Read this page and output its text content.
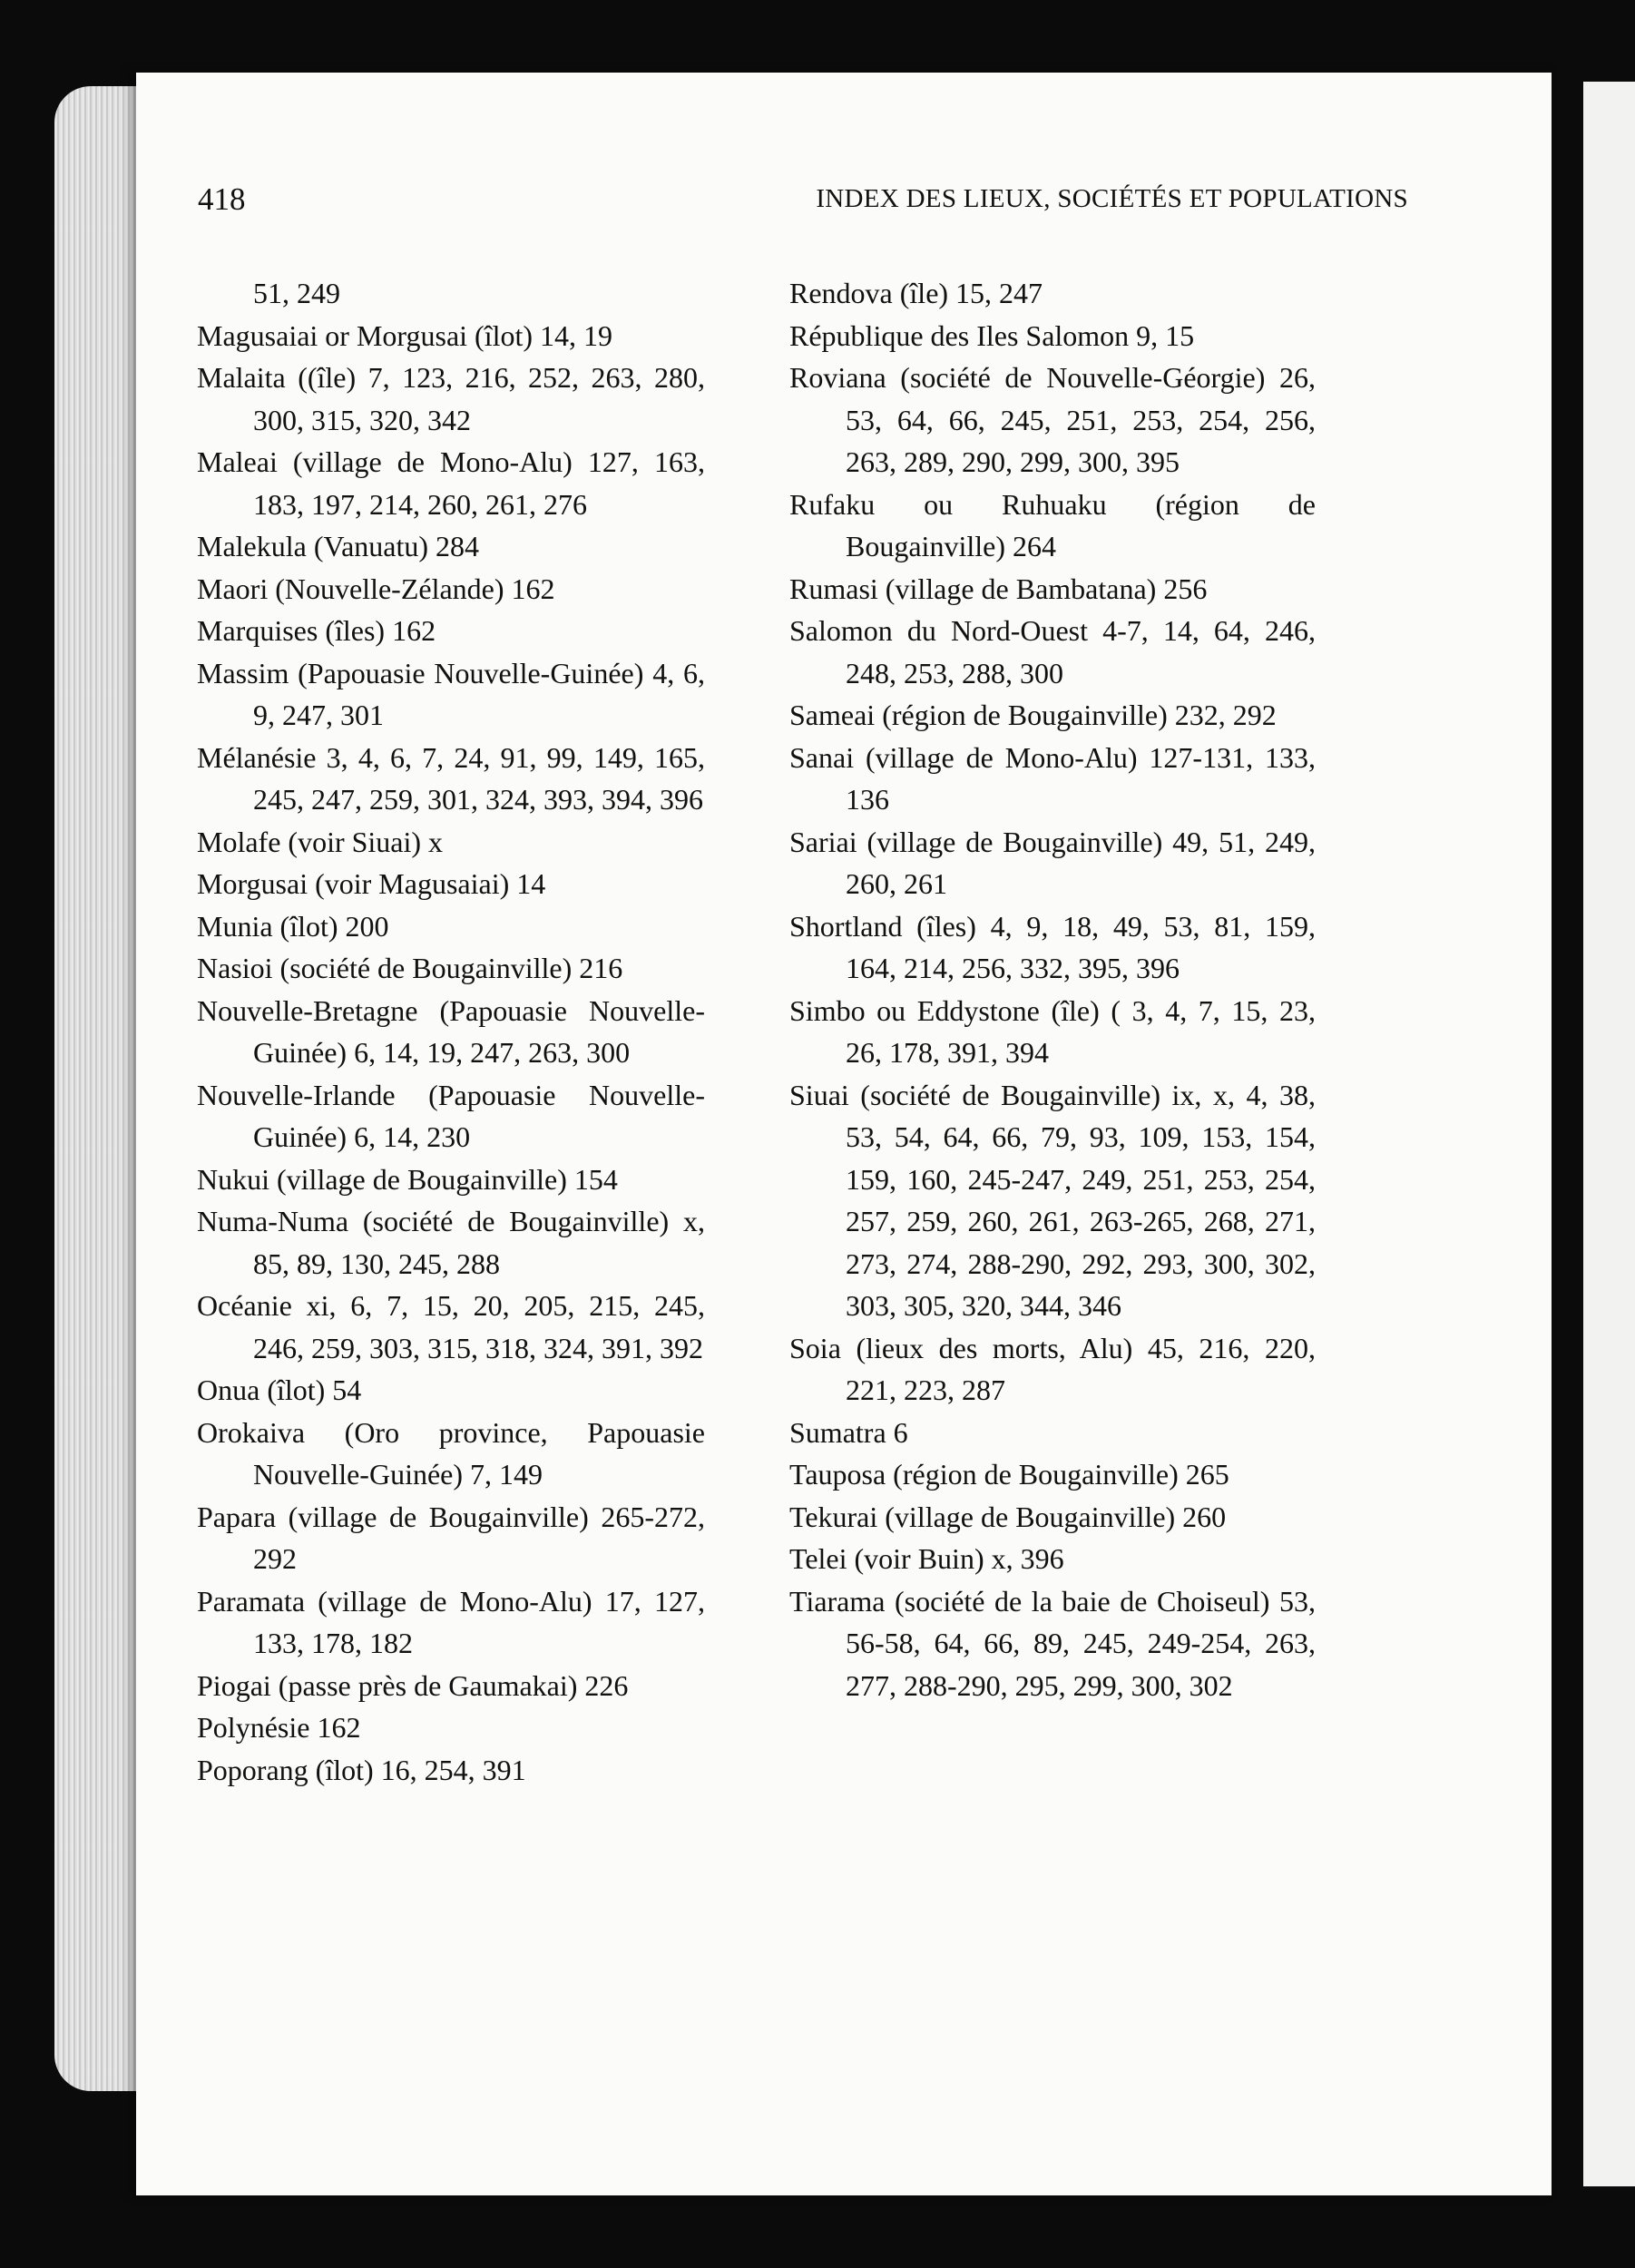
418	INDEX DES LIEUX, SOCIÉTÉS ET POPULATIONS

51, 249

Magusaiai or Morgusai (îlot) 14, 19

Malaita ((île) 7, 123, 216, 252, 263, 280, 300, 315, 320, 342

Maleai (village de Mono-Alu) 127, 163, 183, 197, 214, 260, 261, 276

Malekula (Vanuatu) 284

Maori (Nouvelle-Zélande) 162

Marquises (îles) 162

Massim (Papouasie Nouvelle-Guinée) 4, 6, 9, 247, 301

Mélanésie 3, 4, 6, 7, 24, 91, 99, 149, 165, 245, 247, 259, 301, 324, 393, 394, 396

Molafe (voir Siuai) x

Morgusai (voir Magusaiai) 14

Munia (îlot) 200

Nasioi (société de Bougainville) 216

Nouvelle-Bretagne (Papouasie Nouvelle-Guinée) 6, 14, 19, 247, 263, 300

Nouvelle-Irlande (Papouasie Nouvelle-Guinée) 6, 14, 230

Nukui (village de Bougainville) 154

Numa-Numa (société de Bougainville) x, 85, 89, 130, 245, 288

Océanie xi, 6, 7, 15, 20, 205, 215, 245, 246, 259, 303, 315, 318, 324, 391, 392

Onua (îlot) 54

Orokaiva (Oro province, Papouasie Nouvelle-Guinée) 7, 149

Papara (village de Bougainville) 265-272, 292

Paramata (village de Mono-Alu) 17, 127, 133, 178, 182

Piogai (passe près de Gaumakai) 226

Polynésie 162

Poporang (îlot) 16, 254, 391

Rendova (île) 15, 247

République des Iles Salomon 9, 15

Roviana (société de Nouvelle-Géorgie) 26, 53, 64, 66, 245, 251, 253, 254, 256, 263, 289, 290, 299, 300, 395

Rufaku ou Ruhuaku (région de Bougainville) 264

Rumasi (village de Bambatana) 256

Salomon du Nord-Ouest 4-7, 14, 64, 246, 248, 253, 288, 300

Sameai (région de Bougainville) 232, 292

Sanai (village de Mono-Alu) 127-131, 133, 136

Sariai (village de Bougainville) 49, 51, 249, 260, 261

Shortland (îles) 4, 9, 18, 49, 53, 81, 159, 164, 214, 256, 332, 395, 396

Simbo ou Eddystone (île) ( 3, 4, 7, 15, 23, 26, 178, 391, 394

Siuai (société de Bougainville) ix, x, 4, 38, 53, 54, 64, 66, 79, 93, 109, 153, 154, 159, 160, 245-247, 249, 251, 253, 254, 257, 259, 260, 261, 263-265, 268, 271, 273, 274, 288-290, 292, 293, 300, 302, 303, 305, 320, 344, 346

Soia (lieux des morts, Alu) 45, 216, 220, 221, 223, 287

Sumatra 6

Tauposa (région de Bougainville) 265

Tekurai (village de Bougainville) 260

Telei (voir Buin) x, 396

Tiarama (société de la baie de Choiseul) 53, 56-58, 64, 66, 89, 245, 249-254, 263, 277, 288-290, 295, 299, 300, 302
